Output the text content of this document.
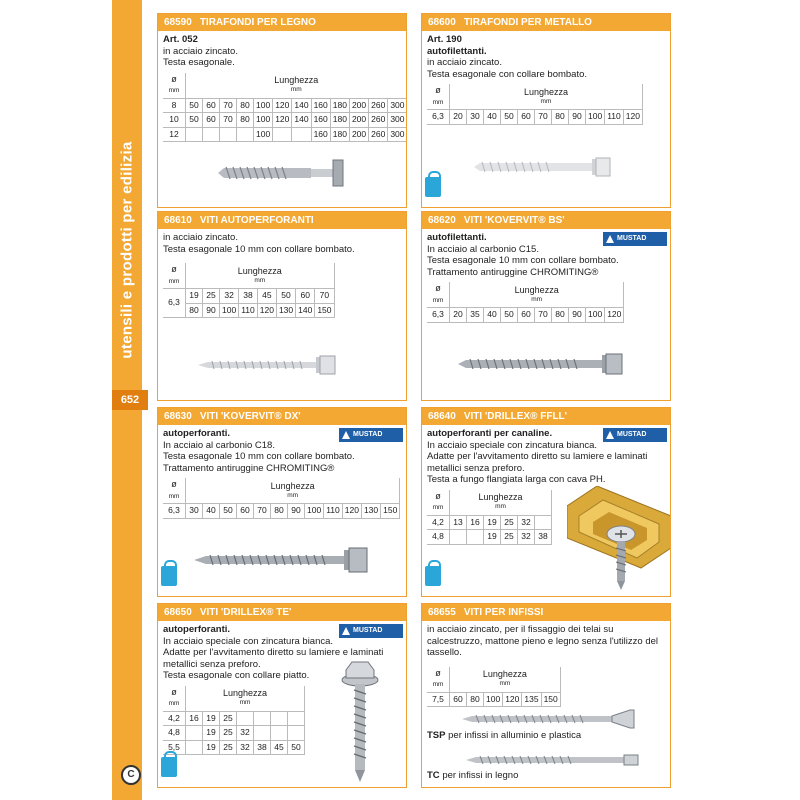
utensili e prodotti per edilizia
652
C
68590 TIRAFONDI PER LEGNO

Art. 052

in acciaio zincato.

Testa esagonale.

ø
mm	Lunghezza
mm											

8	50	60	70	80	100	120	140	160	180	200	260	300
10	50	60	70	80	100	120	140	160	180	200	260	300
12					100			160	180	200	260	300
68600 TIRAFONDI PER METALLO

Art. 190

autofilettanti.

in acciaio zincato.

Testa esagonale con collare bombato.

ø
mm	Lunghezza
mm										

6,3	20	30	40	50	60	70	80	90	100	110	120
68610 VITI AUTOPERFORANTI

in acciaio zincato.

Testa esagonale 10 mm con collare bombato.

ø
mm	Lunghezza
mm							

6,3	19	25	32	38	45	50	60	70
	80	90	100	110	120	130	140	150
68620 VITI 'KOVERVIT® BS'
MUSTAD

autofilettanti.

In acciaio al carbonio C15.

Testa esagonale 10 mm con collare bombato.

Trattamento antiruggine CHROMITING®

ø
mm	Lunghezza
mm									

6,3	20	35	40	50	60	70	80	90	100	120
68630 VITI 'KOVERVIT® DX'
MUSTAD

autoperforanti.

In acciaio al carbonio C18.

Testa esagonale 10 mm con collare bombato.

Trattamento antiruggine CHROMITING®

ø
mm	Lunghezza
mm											

6,3	30	40	50	60	70	80	90	100	110	120	130	150
68640 VITI 'DRILLEX® FFLL'
MUSTAD

autoperforanti per canaline.

In acciaio speciale con zincatura bianca.

Adatte per l'avvitamento diretto su lamiere e laminati

metallici senza preforo.

Testa a fungo flangiata larga con cava PH.

ø
mm	Lunghezza
mm					

4,2	13	16	19	25	32	
4,8			19	25	32	38
68650 VITI 'DRILLEX® TE'
MUSTAD

autoperforanti.

In acciaio speciale con zincatura bianca.

Adatte per l'avvitamento diretto su lamiere e laminati

metallici senza preforo.

Testa esagonale con collare piatto.

ø
mm	Lunghezza
mm						

4,2	16	19	25				
4,8		19	25	32			
5,5		19	25	32	38	45	50
68655 VITI PER INFISSI

in acciaio zincato, per il fissaggio dei telai su

calcestruzzo, mattone pieno e legno senza l'utilizzo del

tassello.

ø
mm	Lunghezza
mm					

7,5	60	80	100	120	135	150

TSP per infissi in alluminio e plastica

TC per infissi in legno
